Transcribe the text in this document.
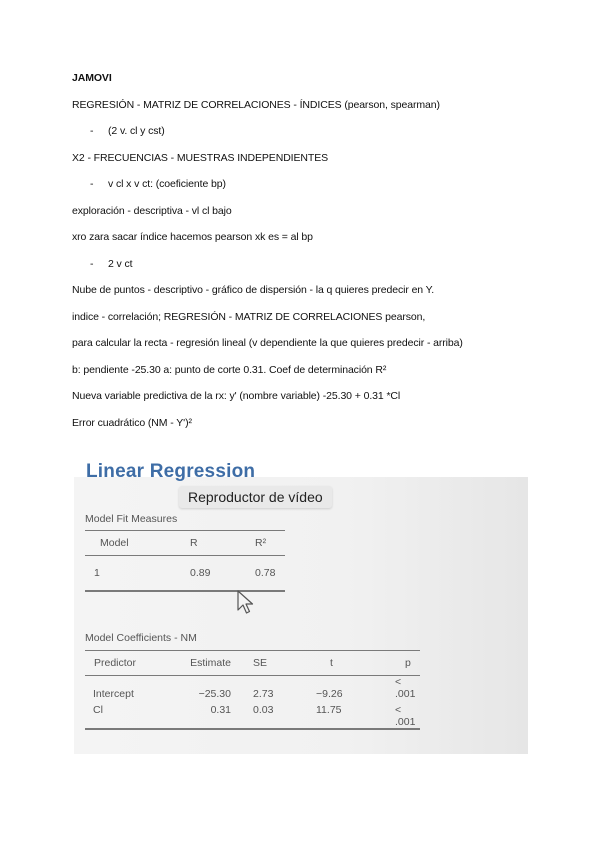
JAMOVI
REGRESIÓN - MATRIZ DE CORRELACIONES - ÍNDICES (pearson, spearman)
-	(2 v. cl y cst)
X2 - FRECUENCIAS - MUESTRAS INDEPENDIENTES
-	v cl x v ct: (coeficiente bp)
exploración - descriptiva - vl cl bajo
xro zara sacar índice hacemos pearson xk es = al bp
-	2 v ct
Nube de puntos - descriptivo - gráfico de dispersión - la q quieres predecir en Y.
indice - correlación; REGRESIÓN - MATRIZ DE CORRELACIONES pearson,
para calcular la recta - regresión lineal (v dependiente la que quieres predecir - arriba)
b: pendiente -25.30 a: punto de corte 0.31. Coef de determinación R²
Nueva variable predictiva de la rx: y' (nombre variable) -25.30 + 0.31 *Cl
Error cuadrático (NM - Y')²
Linear Regression
Model Fit Measures
Model	R	R²
1	0.89	0.78
Reproductor de vídeo
Model Coefficients - NM
Predictor	Estimate	SE	t	p
Intercept	−25.30	2.73	−9.26	< .001
Cl	0.31	0.03	11.75	< .001
